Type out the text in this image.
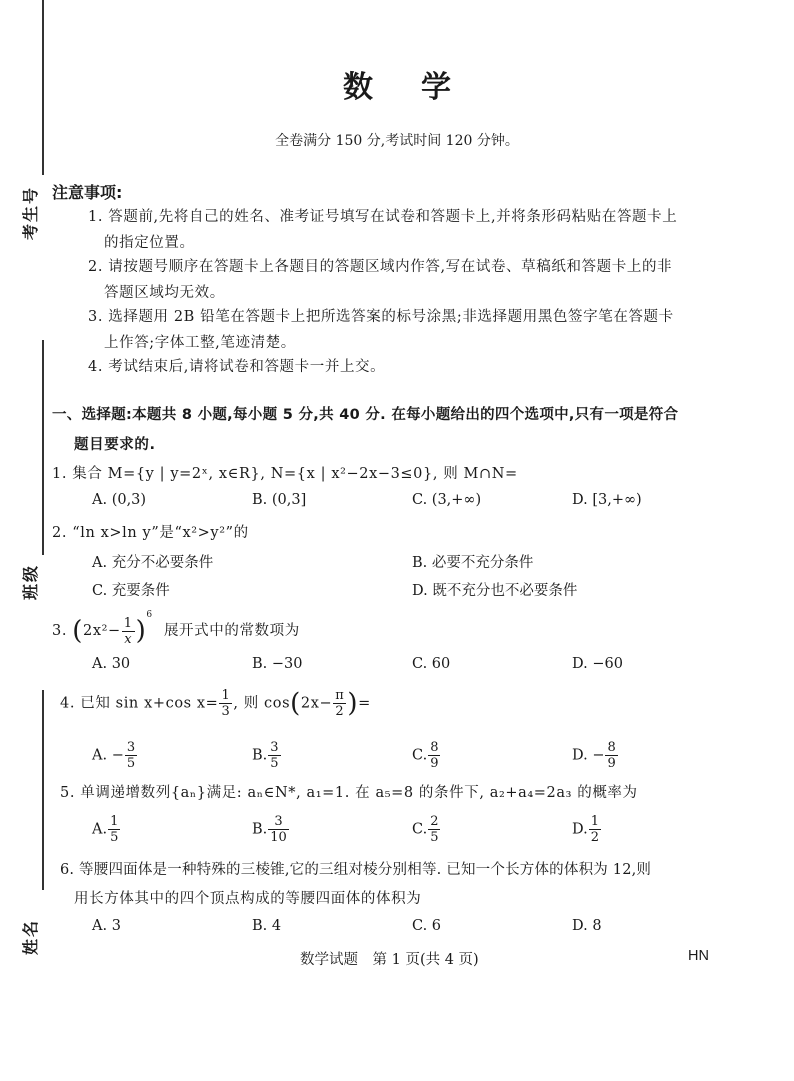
考生号
班级
姓名
数学
全卷满分 150 分,考试时间 120 分钟。
注意事项:
1. 答题前,先将自己的姓名、准考证号填写在试卷和答题卡上,并将条形码粘贴在答题卡上
的指定位置。
2. 请按题号顺序在答题卡上各题目的答题区域内作答,写在试卷、草稿纸和答题卡上的非
答题区域均无效。
3. 选择题用 2B 铅笔在答题卡上把所选答案的标号涂黑;非选择题用黑色签字笔在答题卡
上作答;字体工整,笔迹清楚。
4. 考试结束后,请将试卷和答题卡一并上交。
一、选择题:本题共 8 小题,每小题 5 分,共 40 分. 在每小题给出的四个选项中,只有一项是符合
题目要求的.
1. 集合 M={y | y=2ˣ, x∈R}, N={x | x²−2x−3≤0}, 则 M∩N=
A. (0,3)	B. (0,3]	C. (3,+∞)	D. [3,+∞)
2. “ln x>ln y”是“x²>y²”的
A. 充分不必要条件	B. 必要不充分条件
C. 充要条件	D. 既不充分也不必要条件
3. $(2x^2- \frac{1}{x} )^6$ 展开式中的常数项为
A. 30	B. −30	C. 60	D. −60
4. 已知 sin x+cos $x= \frac{1}{3}$ , 则 $\cos(2x- \frac{\pi}{2}$ )=
A. − $\frac{3}{5}$	B. $\frac{3}{5}$	C. $\frac{8}{9}$	D. − $\frac{8}{9}$
5. 单调递增数列{aₙ}满足: aₙ∈N*, a₁=1. 在 a₅=8 的条件下, a₂+a₄=2a₃ 的概率为
A. $\frac{1}{5}$	B. $\frac{3}{10}$	C. $\frac{2}{5}$	D. $\frac{1}{2}$
6. 等腰四面体是一种特殊的三棱锥,它的三组对棱分别相等. 已知一个长方体的体积为 12,则
用长方体其中的四个顶点构成的等腰四面体的体积为
A. 3	B. 4	C. 6	D. 8
数学试题　第 1 页(共 4 页)	HN
